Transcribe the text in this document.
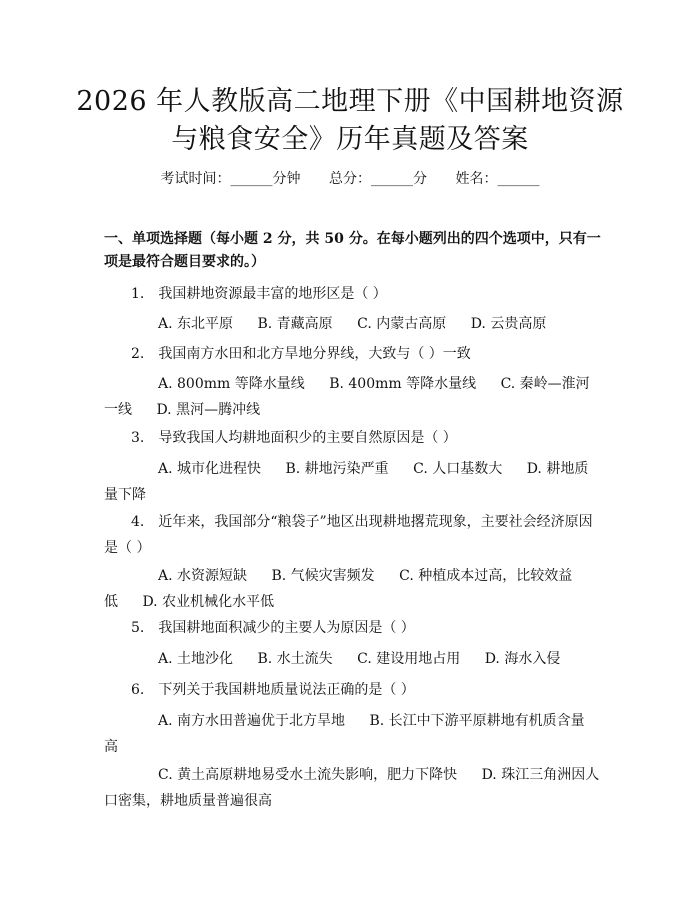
2026 年人教版高二地理下册《中国耕地资源
与粮食安全》历年真题及答案
考试时间：______分钟 总分：______分 姓名：______
一、单项选择题（每小题 2 分，共 50 分。在每小题列出的四个选项中，只有一项是最符合题目要求的。）
1.　我国耕地资源最丰富的地形区是（ ）
A. 东北平原 B. 青藏高原 C. 内蒙古高原 D. 云贵高原
2.　我国南方水田和北方旱地分界线，大致与（ ）一致
A. 800mm 等降水量线 B. 400mm 等降水量线 C. 秦岭—淮河一线 D. 黑河—腾冲线
3.　导致我国人均耕地面积少的主要自然原因是（ ）
A. 城市化进程快 B. 耕地污染严重 C. 人口基数大 D. 耕地质量下降
4.　近年来，我国部分“粮袋子”地区出现耕地撂荒现象，主要社会经济原因是（ ）
A. 水资源短缺 B. 气候灾害频发 C. 种植成本过高，比较效益低 D. 农业机械化水平低
5.　我国耕地面积减少的主要人为原因是（ ）
A. 土地沙化 B. 水土流失 C. 建设用地占用 D. 海水入侵
6.　下列关于我国耕地质量说法正确的是（ ）
A. 南方水田普遍优于北方旱地 B. 长江中下游平原耕地有机质含量高
C. 黄土高原耕地易受水土流失影响，肥力下降快 D. 珠江三角洲因人口密集，耕地质量普遍很高
